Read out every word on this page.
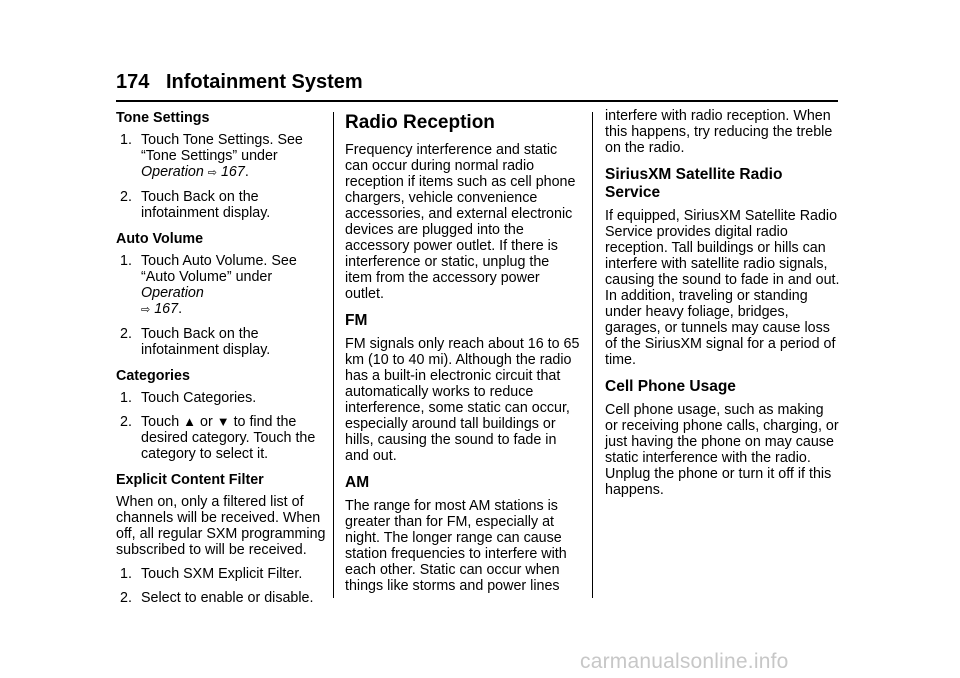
174 Infotainment System
Tone Settings
1. Touch Tone Settings. See “Tone Settings” under Operation ⇨ 167.
2. Touch Back on the infotainment display.
Auto Volume
1. Touch Auto Volume. See “Auto Volume” under Operation
⇨ 167.
2. Touch Back on the infotainment display.
Categories
1. Touch Categories.
2. Touch ▲ or ▼ to find the desired category. Touch the category to select it.
Explicit Content Filter

When on, only a filtered list of channels will be received. When off, all regular SXM programming subscribed to will be received.

1. Touch SXM Explicit Filter.
2. Select to enable or disable.
Radio Reception

Frequency interference and static can occur during normal radio reception if items such as cell phone chargers, vehicle convenience accessories, and external electronic devices are plugged into the accessory power outlet. If there is interference or static, unplug the item from the accessory power outlet.

FM

FM signals only reach about 16 to 65 km (10 to 40 mi). Although the radio has a built-in electronic circuit that automatically works to reduce interference, some static can occur, especially around tall buildings or hills, causing the sound to fade in and out.

AM

The range for most AM stations is greater than for FM, especially at night. The longer range can cause station frequencies to interfere with each other. Static can occur when things like storms and power lines

interfere with radio reception. When this happens, try reducing the treble on the radio.

SiriusXM Satellite Radio Service

If equipped, SiriusXM Satellite Radio Service provides digital radio reception. Tall buildings or hills can interfere with satellite radio signals, causing the sound to fade in and out. In addition, traveling or standing under heavy foliage, bridges, garages, or tunnels may cause loss of the SiriusXM signal for a period of time.

Cell Phone Usage

Cell phone usage, such as making or receiving phone calls, charging, or just having the phone on may cause static interference with the radio. Unplug the phone or turn it off if this happens.

carmanualsonline.info
